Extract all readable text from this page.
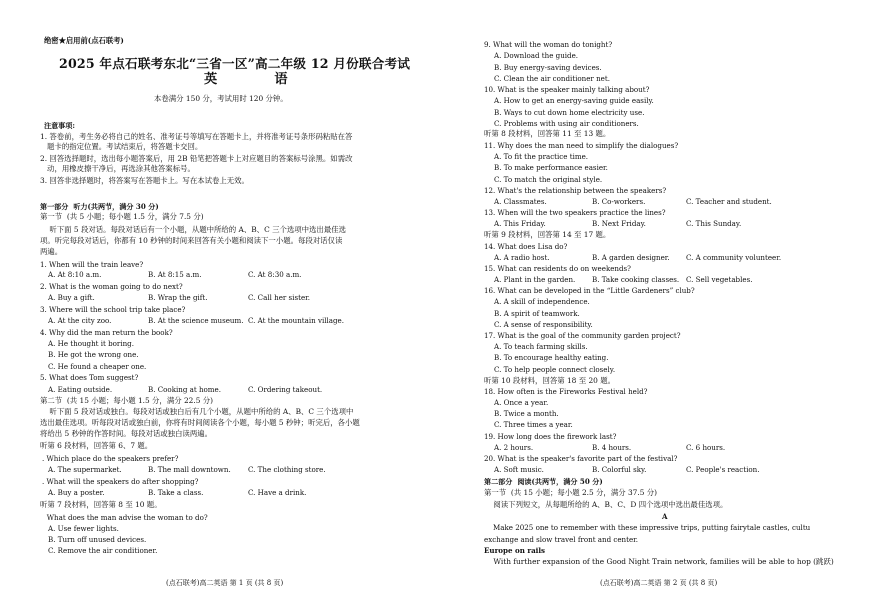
绝密★启用前(点石联考)
2025 年点石联考东北“三省一区”高二年级 12 月份联合考试
英  语
本卷满分 150 分，考试用时 120 分钟。
注意事项:
1. 答卷前，考生务必将自己的姓名、准考证号等填写在答题卡上，并将准考证号条形码粘贴在答
题卡的指定位置。考试结束后，将答题卡交回。
2. 回答选择题时，选出每小题答案后，用 2B 铅笔把答题卡上对应题目的答案标号涂黑。如需改
动，用橡皮擦干净后，再选涂其他答案标号。
3. 回答非选择题时，将答案写在答题卡上。写在本试卷上无效。
第一部分  听力(共两节，满分 30 分)
第一节  (共 5 小题；每小题 1.5 分，满分 7.5 分)
听下面 5 段对话。每段对话后有一个小题，从题中所给的 A、B、C 三个选项中选出最佳选
项。听完每段对话后，你都有 10 秒钟的时间来回答有关小题和阅读下一小题。每段对话仅读
两遍。
1. When will the train leave?
A. At 8:10 a.m.	B. At 8:15 a.m.	C. At 8:30 a.m.
2. What is the woman going to do next?
A. Buy a gift.	B. Wrap the gift.	C. Call her sister.
3. Where will the school trip take place?
A. At the city zoo.	B. At the science museum. C. At the mountain village.
4. Why did the man return the book?
A. He thought it boring.
B. He got the wrong one.
C. He found a cheaper one.
5. What does Tom suggest?
A. Eating outside.	B. Cooking at home.	C. Ordering takeout.
第二节  (共 15 小题；每小题 1.5 分，满分 22.5 分)
听下面 5 段对话或独白。每段对话或独白后有几个小题，从题中所给的 A、B、C 三个选项中
选出最佳选项。听每段对话或独白前，你将有时间阅读各个小题，每小题 5 秒钟；听完后，各小题
将给出 5 秒钟的作答时间。每段对话或独白读两遍。
听第 6 段材料，回答第 6、7 题。
. Which place do the speakers prefer?
A. The supermarket.	B. The mall downtown. C. The clothing store.
. What will the speakers do after shopping?
A. Buy a poster.	B. Take a class.	C. Have a drink.
听第 7 段材料，回答第 8 至 10 题。
What does the man advise the woman to do?
A. Use fewer lights.
B. Turn off unused devices.
C. Remove the air conditioner.
(点石联考)高二英语 第 1 页 (共 8 页)
9. What will the woman do tonight?
A. Download the guide.
B. Buy energy-saving devices.
C. Clean the air conditioner net.
10. What is the speaker mainly talking about?
A. How to get an energy-saving guide easily.
B. Ways to cut down home electricity use.
C. Problems with using air conditioners.
听第 8 段材料，回答第 11 至 13 题。
11. Why does the man need to simplify the dialogues?
A. To fit the practice time.
B. To make performance easier.
C. To match the original style.
12. What's the relationship between the speakers?
A. Classmates.	B. Co-workers.	C. Teacher and student.
13. When will the two speakers practice the lines?
A. This Friday.	B. Next Friday.	C. This Sunday.
听第 9 段材料，回答第 14 至 17 题。
14. What does Lisa do?
A. A radio host.	B. A garden designer. C. A community volunteer.
15. What can residents do on weekends?
A. Plant in the garden. B. Take cooking classes. C. Sell vegetables.
16. What can be developed in the “Little Gardeners” club?
A. A skill of independence.
B. A spirit of teamwork.
C. A sense of responsibility.
17. What is the goal of the community garden project?
A. To teach farming skills.
B. To encourage healthy eating.
C. To help people connect closely.
听第 10 段材料，回答第 18 至 20 题。
18. How often is the Fireworks Festival held?
A. Once a year.
B. Twice a month.
C. Three times a year.
19. How long does the firework last?
A. 2 hours.	B. 4 hours.	C. 6 hours.
20. What is the speaker's favorite part of the festival?
A. Soft music.	B. Colorful sky.	C. People's reaction.
第二部分  阅读(共两节，满分 50 分)
第一节  (共 15 小题；每小题 2.5 分，满分 37.5 分)
阅读下列短文，从每题所给的 A、B、C、D 四个选项中选出最佳选项。
A
Make 2025 one to remember with these impressive trips, putting fairytale castles, cultu
exchange and slow travel front and center.
Europe on rails
With further expansion of the Good Night Train network, families will be able to hop (跳跃)
(点石联考)高二英语 第 2 页 (共 8 页)
